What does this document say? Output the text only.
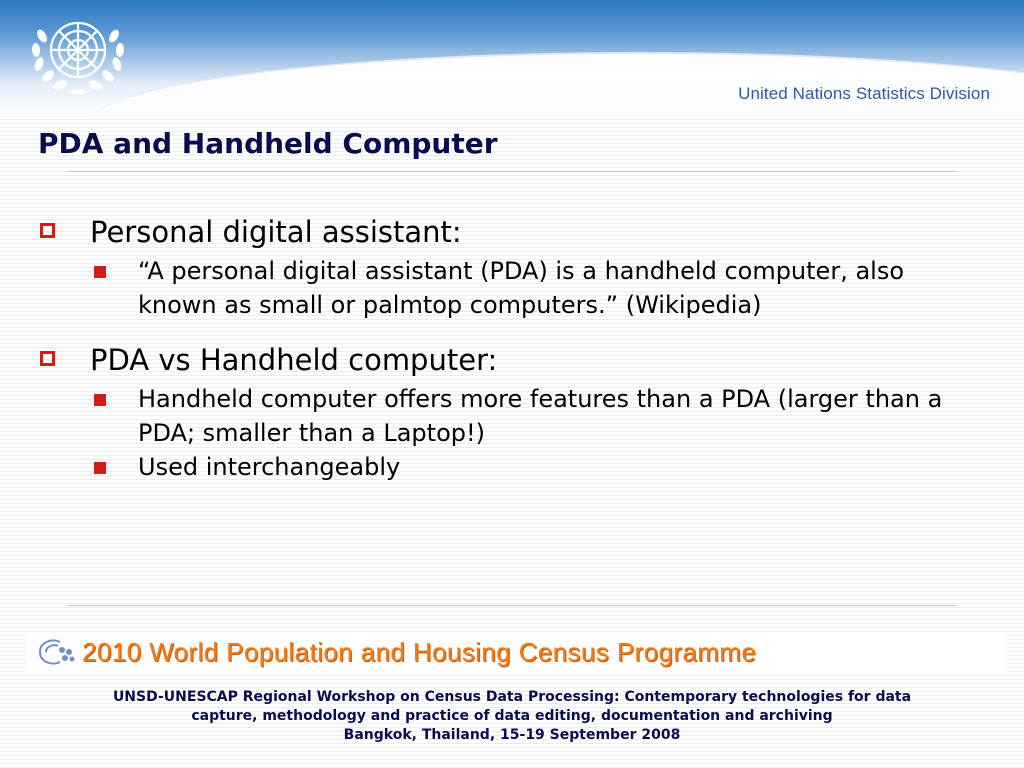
United Nations Statistics Division
PDA and Handheld Computer
Personal digital assistant:
“A personal digital assistant (PDA) is a handheld computer, also known as small or palmtop computers.” (Wikipedia)
PDA vs Handheld computer:
Handheld computer offers more features than a PDA (larger than a PDA; smaller than a Laptop!)
Used interchangeably
2010 World Population and Housing Census Programme
UNSD-UNESCAP Regional Workshop on Census Data Processing: Contemporary technologies for data
capture, methodology and practice of data editing, documentation and archiving
Bangkok, Thailand, 15-19 September 2008
